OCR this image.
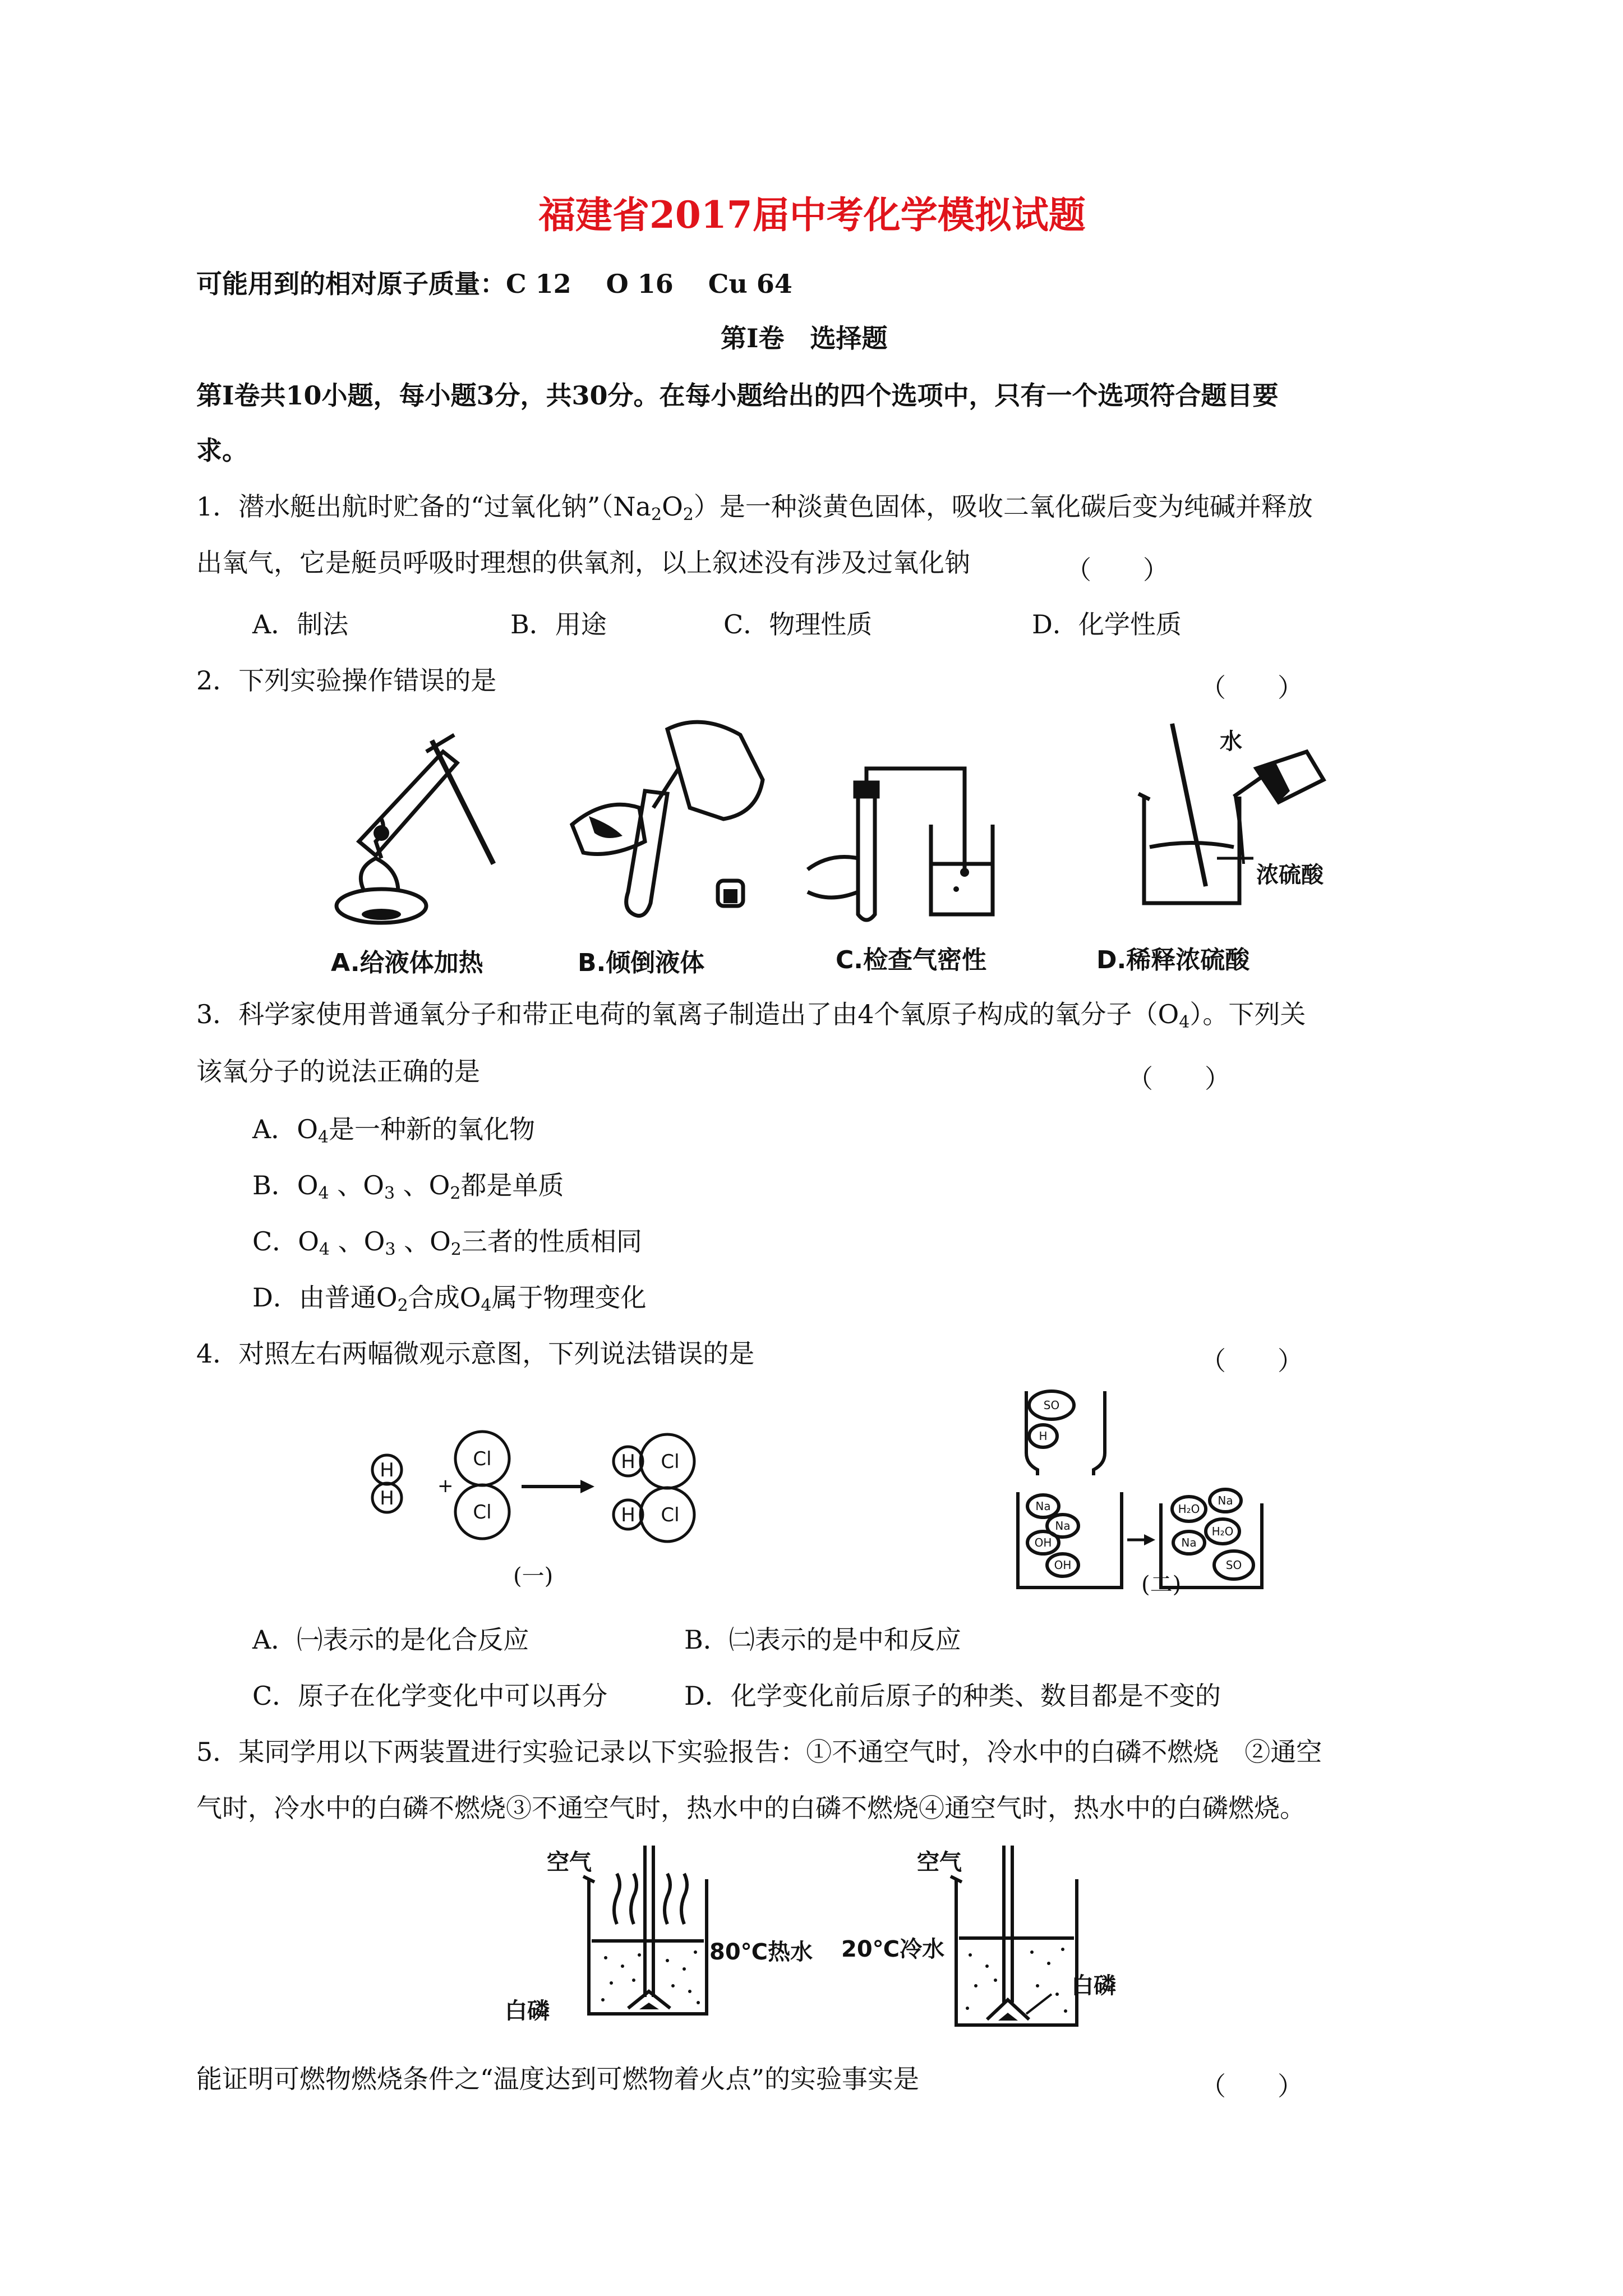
福建省2017届中考化学模拟试题
可能用到的相对原子质量：C 12　 O 16　 Cu 64
第Ⅰ卷　选择题
第Ⅰ卷共10小题，每小题3分，共30分。在每小题给出的四个选项中，只有一个选项符合题目要
求。
1．潜水艇出航时贮备的“过氧化钠$”(Na_2O_2)$是一种淡黄色固体，吸收二氧化碳后变为纯碱并释放
出氧气，它是艇员呼吸时理想的供氧剂，以上叙述没有涉及过氧化钠	（　　）
A．制法	B．用途	C．物理性质	D．化学性质
2．下列实验操作错误的是	（　　）
A.给液体加热	B.倾倒液体	C.检查气密性
水
浓硫酸
D.稀释浓硫酸
3．科学家使用普通氧分子和带正电荷的氧离子制造出了由4个氧原子构成的氧分子$(O_4)$。下列关
该氧分子的说法正确的是	（　　）
A．$O_4$是一种新的氧化物
B．$O_4$ 、$O_3$ 、$O_2$都是单质
C．$O_4$ 、$O_3$ 、$O_2$三者的性质相同
D．由普通$O_2$合成$O_4$属于物理变化
4．对照左右两幅微观示意图，下列说法错误的是	（　　）
+
H
H
Cl
Cl
H Cl
H Cl
(一)
SO
H
Na
Na
OH
OH
H₂O
Na
H₂O
Na
SO
(二)
A．㈠表示的是化合反应	B．㈡表示的是中和反应
C．原子在化学变化中可以再分	D．化学变化前后原子的种类、数目都是不变的
5．某同学用以下两装置进行实验记录以下实验报告：①不通空气时，冷水中的白磷不燃烧　②通空
气时，冷水中的白磷不燃烧③不通空气时，热水中的白磷不燃烧④通空气时，热水中的白磷燃烧。
空气
80℃热水
白磷
空气
20℃冷水
白磷
能证明可燃物燃烧条件之“温度达到可燃物着火点”的实验事实是	（　　）
